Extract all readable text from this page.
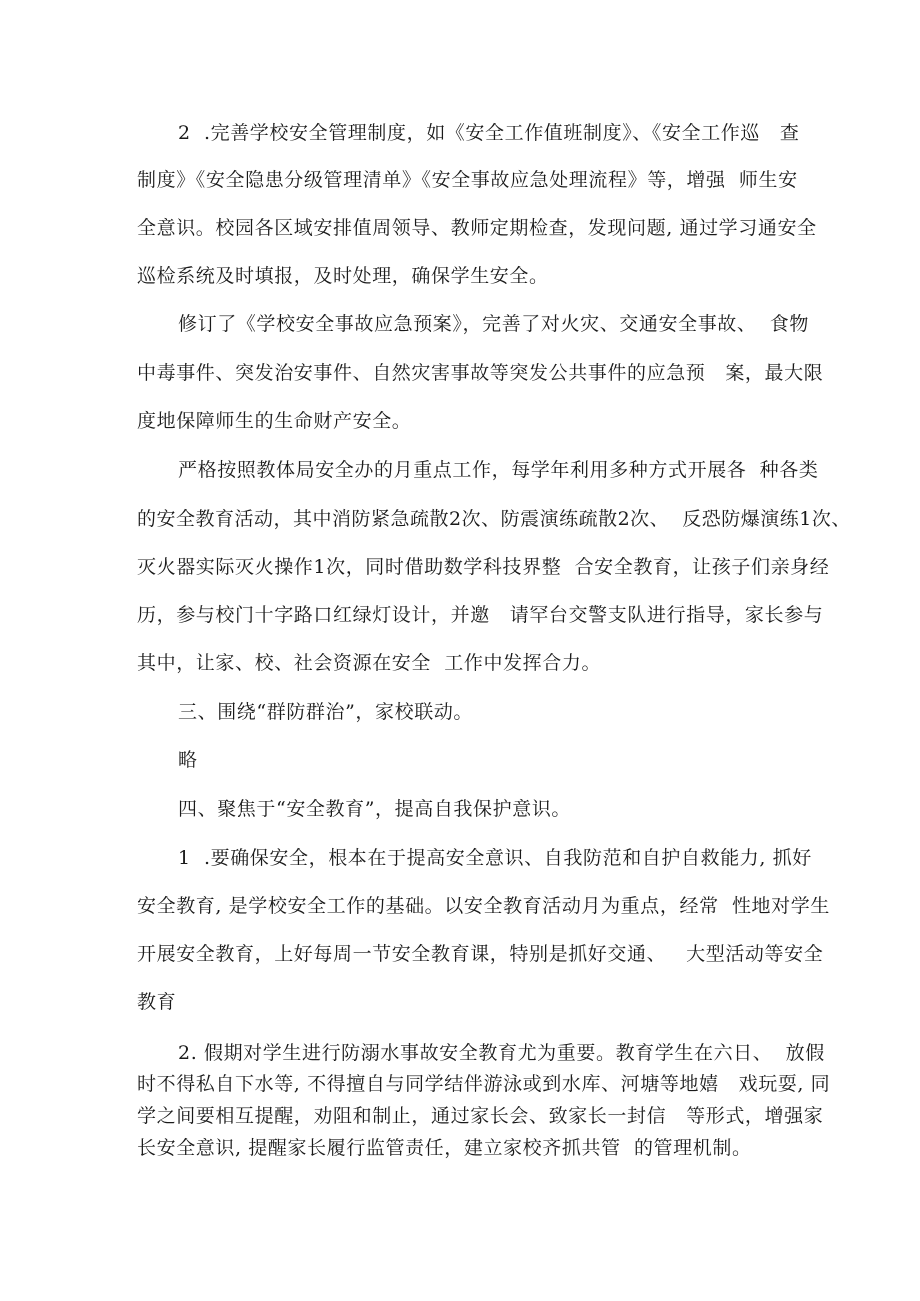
2  .完善学校安全管理制度，如《安全工作值班制度》、《安全工作巡   查
制度》《安全隐患分级管理清单》《安全事故应急处理流程》等，增强  师生安
全意识。校园各区域安排值周领导、教师定期检查，发现问题, 通过学习通安全
巡检系统及时填报，及时处理，确保学生安全。
修订了《学校安全事故应急预案》，完善了对火灾、交通安全事故、  食物
中毒事件、突发治安事件、自然灾害事故等突发公共事件的应急预   案，最大限
度地保障师生的生命财产安全。
严格按照教体局安全办的月重点工作，每学年利用多种方式开展各  种各类
的安全教育活动，其中消防紧急疏散2次、防震演练疏散2次、  反恐防爆演练1次、
灭火器实际灭火操作1次，同时借助数学科技界整  合安全教育，让孩子们亲身经
历，参与校门十字路口红绿灯设计，并邀   请罕台交警支队进行指导，家长参与
其中，让家、校、社会资源在安全  工作中发挥合力。
三、围绕“群防群治”，家校联动。
略
四、聚焦于“安全教育”，提高自我保护意识。
1  .要确保安全，根本在于提高安全意识、自我防范和自护自救能力, 抓好
安全教育, 是学校安全工作的基础。以安全教育活动月为重点，经常  性地对学生
开展安全教育，上好每周一节安全教育课，特别是抓好交通、   大型活动等安全
教育
2. 假期对学生进行防溺水事故安全教育尤为重要。教育学生在六日、  放假
时不得私自下水等, 不得擅自与同学结伴游泳或到水库、河塘等地嬉   戏玩耍, 同
学之间要相互提醒，劝阻和制止，通过家长会、致家长一封信   等形式，增强家
长安全意识, 提醒家长履行监管责任，建立家校齐抓共管  的管理机制。
